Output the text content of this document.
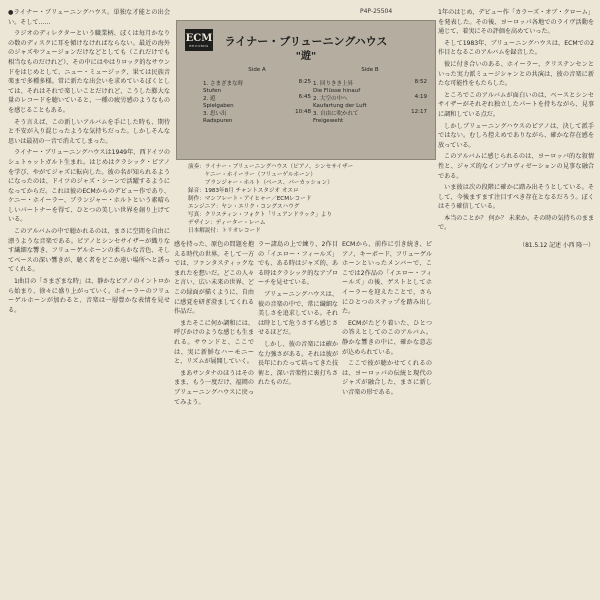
P4P-25504

●ライナー・ブリューニングハウス。単独な才能との出会い。そして……

ラジオのディレクターという職業柄、ぼくは毎月かなりの数のディスクに耳を傾けなければならない。最近の海外のジャズやフュージョンだけなどとしても（これだけでも相当なものだけれど）、その中にはやはりロック的なサウンドをはじめとして、ニュー・ミュージック、果ては民族音楽まで多種多様。常に新たな出会いを求めているぼくとしては、それはそれで楽しいことだけれど、こうした膨大な量のレコードを聴いていると、一種の疲労感のようなものを感じることもある。

そう言えば、この新しいアルバムを手にした時も、期待と不安が入り混じったような気持ちだった。しかしそんな思いは最初の一音で消えてしまった。

ライナー・ブリューニングハウスは1949年、西ドイツのシュトゥットガルト生まれ。はじめはクラシック・ピアノを学び、やがてジャズに転向した。彼の名が知られるようになったのは、ドイツのジャズ・シーンで活躍するようになってからだ。これは彼のECMからのデビュー作であり、ケニー・ホイーラー、ブランジャー・ホルトという素晴らしいパートナーを得て、ひとつの美しい世界を創り上げている。

このアルバムの中で聴かれるのは、まさに空間を自由に漂うような音楽である。ピアノとシンセサイザーが織りなす繊細な響き、フリューゲルホーンの柔らかな音色、そしてベースの深い響きが、聴く者をどこか遠い場所へと誘ってくれる。

1曲目の「さまざまな時」は、静かなピアノのイントロから始まり、徐々に盛り上がっていく。ホイーラーのフリューゲルホーンが加わると、音楽は一層豊かな表情を見せる。

ECM
RECORDS	ライナー・ブリューニングハウス
"遊"
Side A
1. さまざまな時	8:25
Stufen
2. 遊	6:45
Spielgaben
3. 思い出	10:48
Radspuren
Side B
1. 回りきき上昇	8:52
Die Flüsse hinauf
2. 大空の中へ	4:19
Kaufartung der Luft
3. 自由に吹かれて	12:17
Freigeweht
演奏：ライナー・ブリューニングハウス（ピアノ、シンセサイザー
　　　ケニー・ホイーラー（フリューゲルホーン）
　　　ブランジャー・ホルト（ベース、パーカッション）
録音：1983年8月 チャントスタジオ オスロ
制作：マンフレート・アイヒャー／ECMレコード
エンジニア：ヤン・エリク・コングスハウグ
写真：クリスティン・フォクト「リュアンドラック」より
デザイン：ディーター・レーム
日本解説付：トリオレコード

感を持った、原色の問題を抱える時代の世界。そして一方では、ファンタスティックなまれたを想いだ。どこの人々と言い、広い未来の世界、どこの緑面が描くように、自由に感覚を研ぎ澄ましてくれる作品だ。

またそこに何か調和には、呼びかけのような感じも生まれる。サウンドと、ここでは、実に新鮮なハーモニーと、リズムが展開していく。

まあサンタナのほうはそのまま、もう一度だけ、福岡のブリューニングハウスに戻ってみよう。

ラー諸島の上で練り、2作目の「イエロー・フィールズ」でも、ある時はジャズ的、ある時はクラシック的なアプローチを見せている。

ブリューニングハウスは、彼の音楽の中で、常に繊細な美しさを追求している。それは時として危うさすら感じさせるほどだ。

しかし、彼の音楽には確かな力強さがある。それは彼が長年にわたって培ってきた技術と、深い音楽性に裏打ちされたものだ。

ECMから、前作に引き続き、ピアノ、キーボード、フリューゲルホーンといったメンバーで、ここでは2作品の「イエロー・フィールズ」の後、ゲストとしてホイーラーを迎えたことで、さらにひとつのステップを踏み出した。

ECMがたどり着いた、ひとつの答えとしてのこのアルバム。静かな響きの中に、確かな意志が込められている。

ここで彼が聴かせてくれるのは、ヨーロッパの伝統と現代のジャズが融合した、まさに新しい音楽の形である。

1年のはじめ、デビュー作「カラーズ・オブ・クローム」を発表した。その後、ヨーロッパ各地でのライヴ活動を通じて、着実にその評価を高めていった。

そして1983年、ブリューニングハウスは、ECMでの2作目となるこのアルバムを録音した。

彼に付き合いのある、ホイーラー、クリステンセンといった実力派ミュージシャンとの共演は、彼の音楽に新たな可能性をもたらした。

ところでこのアルバムが面白いのは、ベースとシンセサイザーがそれぞれ独立したパートを持ちながら、見事に調和している点だ。

しかしブリューニングハウスのピアノは、決して派手ではない。むしろ控えめでありながら、確かな存在感を放っている。

このアルバムに感じられるのは、ヨーロッパ的な叙情性と、ジャズ的なインプロヴィゼーションの見事な融合である。

いま彼は次の段階に確かに踏み出そうとしている。そして、今後ますます注目すべき存在となるだろう。ぼくはそう確信している。

本当のことか？ 何か？ 未来か。その時の気持ちのままで。

（81.5.12 記述 小西 隆一）
